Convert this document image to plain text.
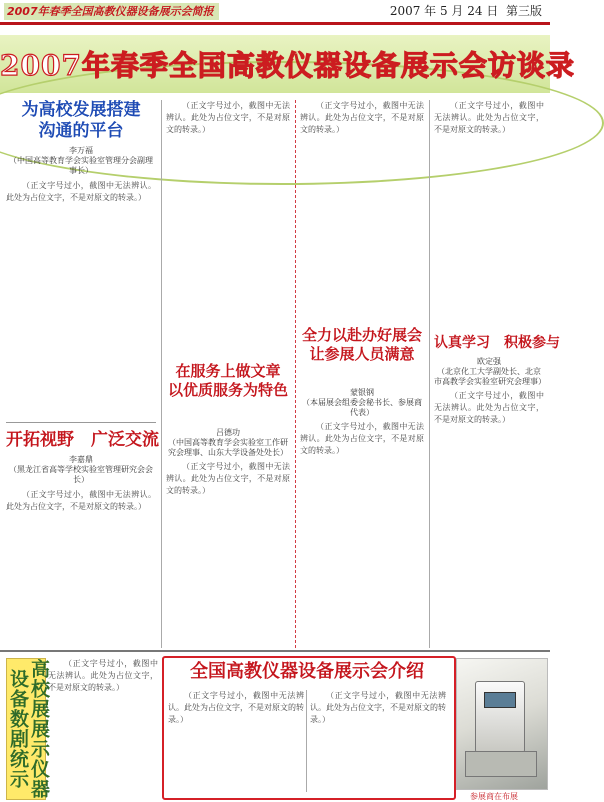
2007年春季全国高教仪器设备展示会简报	2007 年 5 月 24 日 第三版
2007年春季全国高教仪器设备展示会访谈录
为高校发展搭建
沟通的平台
李万福
（中国高等教育学会实验室管理分会副理事长）
（正文字号过小，截图中无法辨认。此处为占位文字，不是对原文的转录。）
开拓视野　广泛交流
李嘉鼎
（黑龙江省高等学校实验室管理研究会会长）
（正文字号过小，截图中无法辨认。此处为占位文字，不是对原文的转录。）
（正文字号过小，截图中无法辨认。此处为占位文字，不是对原文的转录。）
在服务上做文章
以优质服务为特色
吕德功
（中国高等教育学会实验室工作研究会理事、山东大学设备处处长）
（正文字号过小，截图中无法辨认。此处为占位文字，不是对原文的转录。）
（正文字号过小，截图中无法辨认。此处为占位文字，不是对原文的转录。）
全力以赴办好展会
让参展人员满意
蒙银钢
（本届展会组委会秘书长、参展商代表）
（正文字号过小，截图中无法辨认。此处为占位文字，不是对原文的转录。）
（正文字号过小，截图中无法辨认。此处为占位文字，不是对原文的转录。）
认真学习　积极参与
欧定强
（北京化工大学副处长、北京市高教学会实验室研究会理事）
（正文字号过小，截图中无法辨认。此处为占位文字，不是对原文的转录。）
高校展展示仪器设备数剧统示
（正文字号过小，截图中无法辨认。此处为占位文字，不是对原文的转录。）
全国高教仪器设备展示会介绍
（正文字号过小，截图中无法辨认。此处为占位文字，不是对原文的转录。）
（正文字号过小，截图中无法辨认。此处为占位文字，不是对原文的转录。）
参展商在布展
